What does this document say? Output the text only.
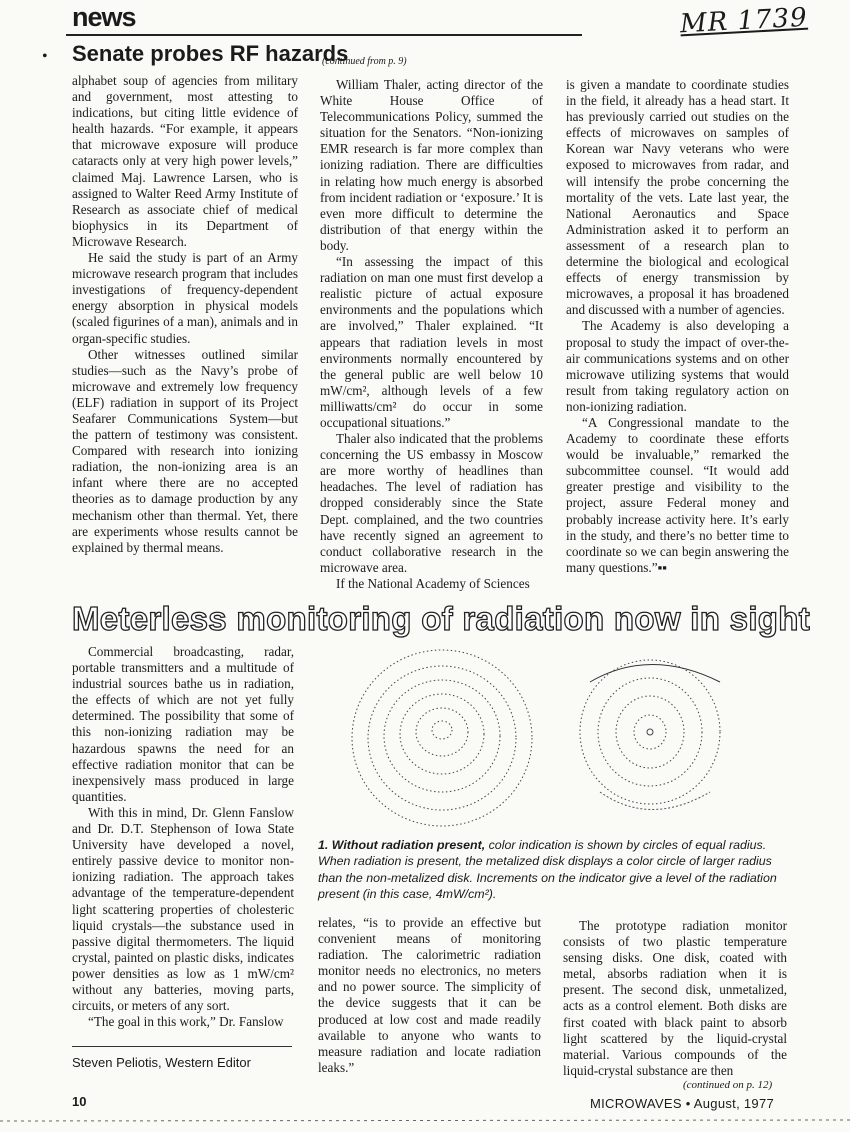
news	MR 1739
• Senate probes RF hazards
(continued from p. 9)

alphabet soup of agencies from military and government, most attesting to indications, but citing little evidence of health hazards. “For example, it appears that microwave exposure will produce cataracts only at very high power levels,” claimed Maj. Lawrence Larsen, who is assigned to Walter Reed Army Institute of Research as associate chief of medical biophysics in its Department of Microwave Research.

He said the study is part of an Army microwave research program that includes investigations of frequency-dependent energy absorption in physical models (scaled figurines of a man), animals and in organ-specific studies.

Other witnesses outlined similar studies—such as the Navy’s probe of microwave and extremely low frequency (ELF) radiation in support of its Project Seafarer Communications System—but the pattern of testimony was consistent. Compared with research into ionizing radiation, the non-ionizing area is an infant where there are no accepted theories as to damage production by any mechanism other than thermal. Yet, there are experiments whose results cannot be explained by thermal means.

William Thaler, acting director of the White House Office of Telecommunications Policy, summed the situation for the Senators. “Non-ionizing EMR research is far more complex than ionizing radiation. There are difficulties in relating how much energy is absorbed from incident radiation or ‘exposure.’ It is even more difficult to determine the distribution of that energy within the body.

“In assessing the impact of this radiation on man one must first develop a realistic picture of actual exposure environments and the populations which are involved,” Thaler explained. “It appears that radiation levels in most environments normally encountered by the general public are well below 10 mW/cm², although levels of a few milliwatts/cm² do occur in some occupational situations.”

Thaler also indicated that the problems concerning the US embassy in Moscow are more worthy of headlines than headaches. The level of radiation has dropped considerably since the State Dept. complained, and the two countries have recently signed an agreement to conduct collaborative research in the microwave area.

If the National Academy of Sciences

is given a mandate to coordinate studies in the field, it already has a head start. It has previously carried out studies on the effects of microwaves on samples of Korean war Navy veterans who were exposed to microwaves from radar, and will intensify the probe concerning the mortality of the vets. Late last year, the National Aeronautics and Space Administration asked it to perform an assessment of a research plan to determine the biological and ecological effects of energy transmission by microwaves, a proposal it has broadened and discussed with a number of agencies.

The Academy is also developing a proposal to study the impact of over-the-air communications systems and on other microwave utilizing systems that would result from taking regulatory action on non-ionizing radiation.

“A Congressional mandate to the Academy to coordinate these efforts would be invaluable,” remarked the subcommittee counsel. “It would add greater prestige and visibility to the project, assure Federal money and probably increase activity here. It’s early in the study, and there’s no better time to coordinate so we can begin answering the many questions.”▪▪

Meterless monitoring of radiation now in sight

Commercial broadcasting, radar, portable transmitters and a multitude of industrial sources bathe us in radiation, the effects of which are not yet fully determined. The possibility that some of this non-ionizing radiation may be hazardous spawns the need for an effective radiation monitor that can be inexpensively mass produced in large quantities.

With this in mind, Dr. Glenn Fanslow and Dr. D.T. Stephenson of Iowa State University have developed a novel, entirely passive device to monitor non-ionizing radiation. The approach takes advantage of the temperature-dependent light scattering properties of cholesteric liquid crystals—the substance used in passive digital thermometers. The liquid crystal, painted on plastic disks, indicates power densities as low as 1 mW/cm² without any batteries, moving parts, circuits, or meters of any sort.

“The goal in this work,” Dr. Fanslow

1. Without radiation present, color indication is shown by circles of equal radius. When radiation is present, the metalized disk displays a color circle of larger radius than the non-metalized disk. Increments on the indicator give a level of the radiation present (in this case, 4mW/cm²).

relates, “is to provide an effective but convenient means of monitoring radiation. The calorimetric radiation monitor needs no electronics, no meters and no power source. The simplicity of the device suggests that it can be produced at low cost and made readily available to anyone who wants to measure radiation and locate radiation leaks.”

The prototype radiation monitor consists of two plastic temperature sensing disks. One disk, coated with metal, absorbs radiation when it is present. The second disk, unmetalized, acts as a control element. Both disks are first coated with black paint to absorb light scattered by the liquid-crystal material. Various compounds of the liquid-crystal substance are then

Steven Peliotis, Western Editor
(continued on p. 12)
10	MICROWAVES • August, 1977
